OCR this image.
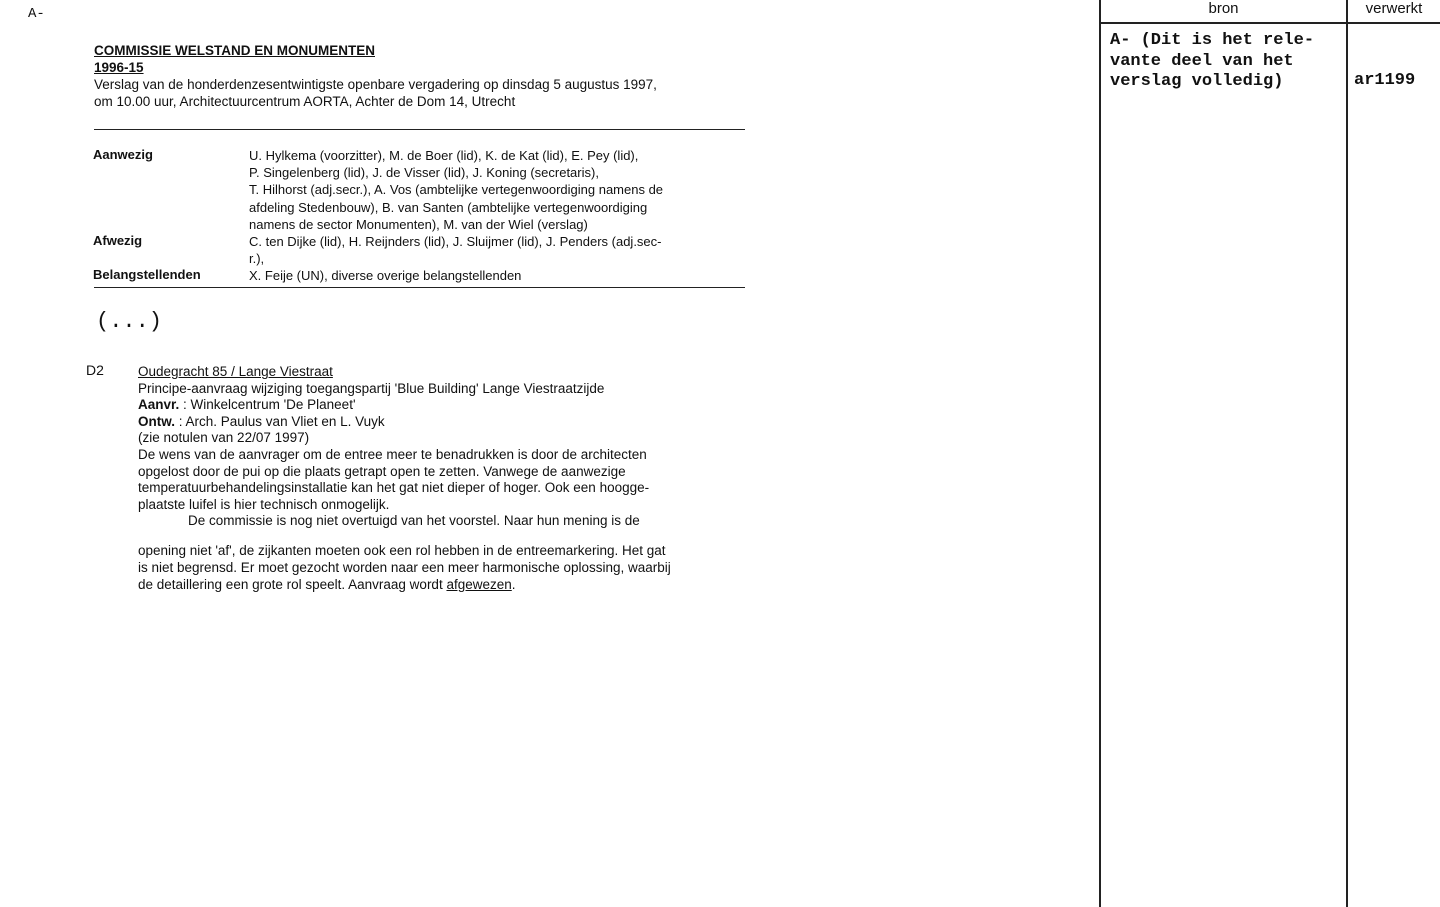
A-
COMMISSIE WELSTAND EN MONUMENTEN
1996-15
Verslag van de honderdenzesentwintigste openbare vergadering op dinsdag 5 augustus 1997,
om 10.00 uur, Architectuurcentrum AORTA, Achter de Dom 14, Utrecht
Aanwezig	U. Hylkema (voorzitter), M. de Boer (lid), K. de Kat (lid), E. Pey (lid),
P. Singelenberg (lid), J. de Visser (lid), J. Koning (secretaris),
T. Hilhorst (adj.secr.), A. Vos (ambtelijke vertegenwoordiging namens de
afdeling Stedenbouw), B. van Santen (ambtelijke vertegenwoordiging
namens de sector Monumenten), M. van der Wiel (verslag)
Afwezig	C. ten Dijke (lid), H. Reijnders (lid), J. Sluijmer (lid), J. Penders (adj.sec-
r.),
Belangstellenden	X. Feije (UN), diverse overige belangstellenden
(...)
D2	Oudegracht 85 / Lange Viestraat
Principe-aanvraag wijziging toegangspartij 'Blue Building' Lange Viestraatzijde
Aanvr. : Winkelcentrum 'De Planeet'
Ontw. : Arch. Paulus van Vliet en L. Vuyk
(zie notulen van 22/07 1997)
De wens van de aanvrager om de entree meer te benadrukken is door de architecten
opgelost door de pui op die plaats getrapt open te zetten. Vanwege de aanwezige
temperatuurbehandelingsinstallatie kan het gat niet dieper of hoger. Ook een hoogge-
plaatste luifel is hier technisch onmogelijk.
De commissie is nog niet overtuigd van het voorstel. Naar hun mening is de
opening niet 'af', de zijkanten moeten ook een rol hebben in de entreemarkering. Het gat
is niet begrensd. Er moet gezocht worden naar een meer harmonische oplossing, waarbij
de detaillering een grote rol speelt. Aanvraag wordt afgewezen.
bron	verwerkt
A- (Dit is het rele-
vante deel van het
verslag volledig)	ar1199
